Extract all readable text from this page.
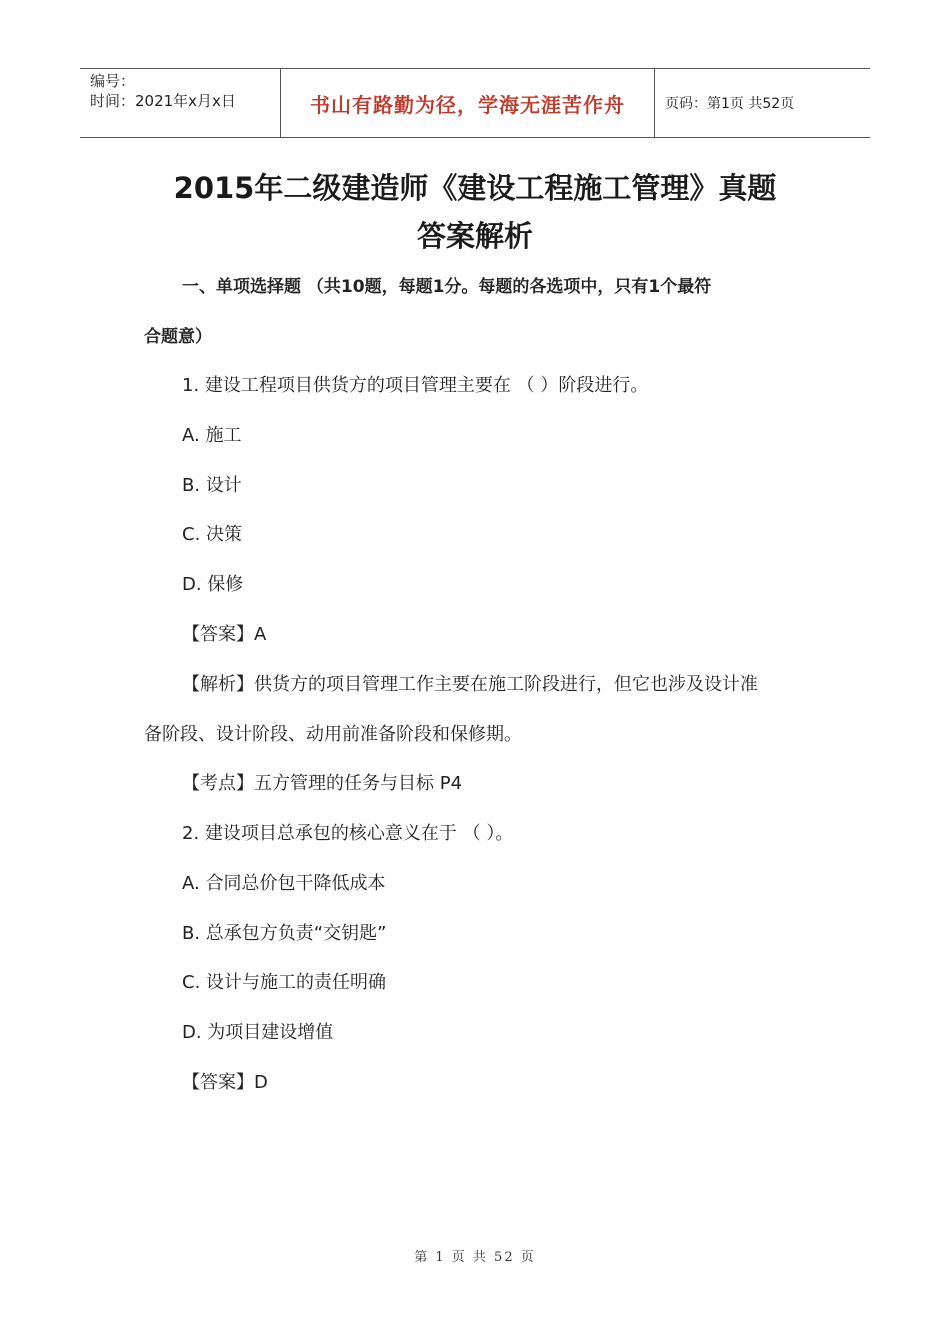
编号：
时间：2021年x月x日	书山有路勤为径，学海无涯苦作舟	页码：第1页 共52页
2015年二级建造师《建设工程施工管理》真题
答案解析
一、单项选择题 （共10题，每题1分。每题的各选项中，只有1个最符
合题意）
1. 建设工程项目供货方的项目管理主要在 （ ）阶段进行。
A. 施工
B. 设计
C. 决策
D. 保修
【答案】A
【解析】供货方的项目管理工作主要在施工阶段进行，但它也涉及设计准
备阶段、设计阶段、动用前准备阶段和保修期。
【考点】五方管理的任务与目标 P4
2. 建设项目总承包的核心意义在于 （ ）。
A. 合同总价包干降低成本
B. 总承包方负责“交钥匙”
C. 设计与施工的责任明确
D. 为项目建设增值
【答案】D
第 1 页 共 52 页
